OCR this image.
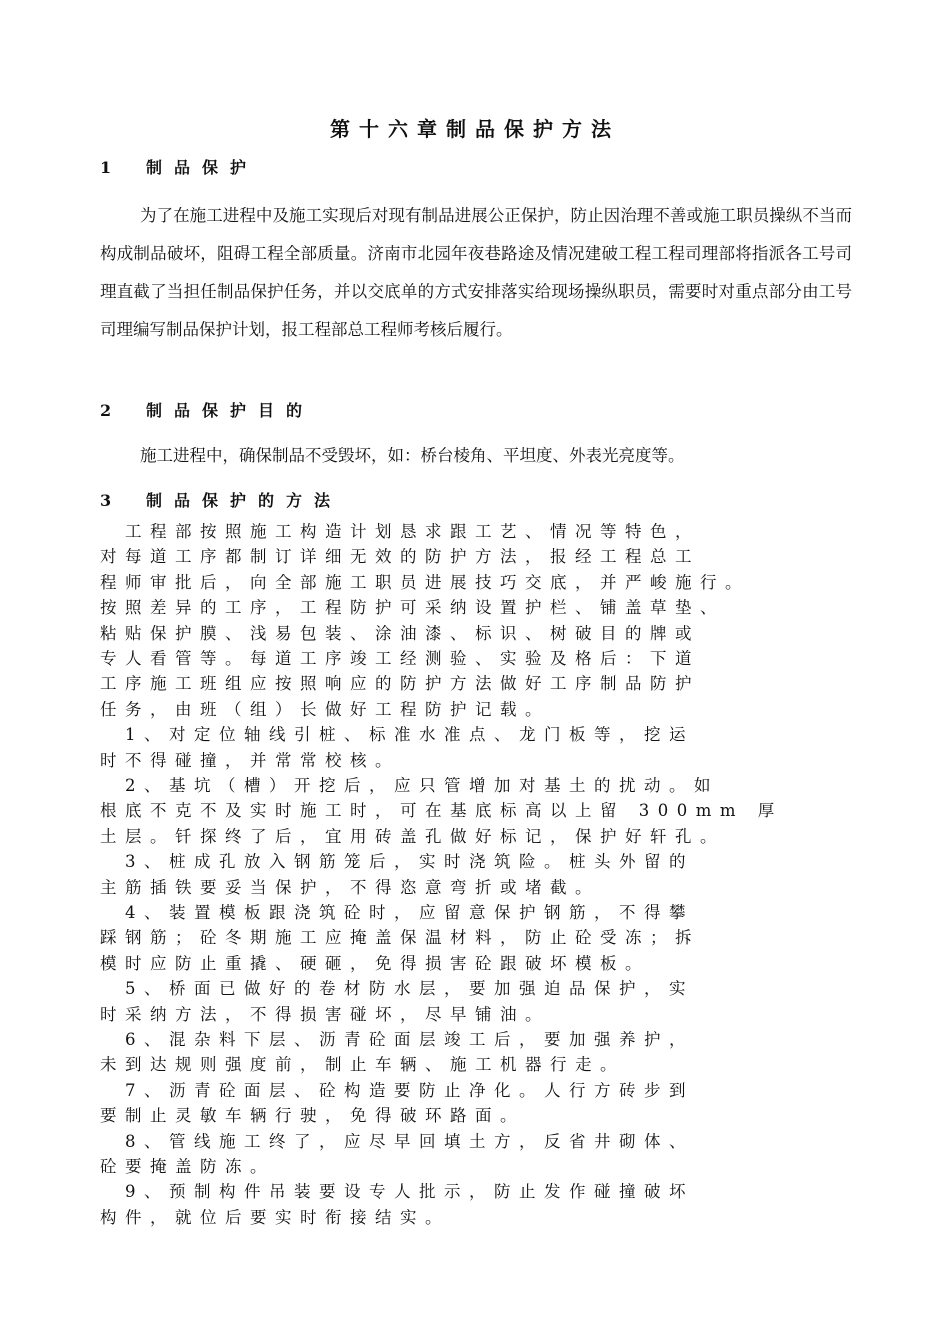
第十六章制品保护方法
1 制品保护
为了在施工进程中及施工实现后对现有制品进展公正保护，防止因治理不善或施工职员操纵不当而构成制品破坏，阻碍工程全部质量。济南市北园年夜巷路途及情况建破工程工程司理部将指派各工号司理直截了当担任制品保护任务，并以交底单的方式安排落实给现场操纵职员，需要时对重点部分由工号司理编写制品保护计划，报工程部总工程师考核后履行。
2 制品保护目的
施工进程中，确保制品不受毁坏，如：桥台棱角、平坦度、外表光亮度等。
3 制品保护的方法
　工程部按照施工构造计划恳求跟工艺、情况等特色，
对每道工序都制订详细无效的防护方法，报经工程总工
程师审批后，向全部施工职员进展技巧交底，并严峻施行。
按照差异的工序，工程防护可采纳设置护栏、铺盖草垫、
粘贴保护膜、浅易包装、涂油漆、标识、树破目的牌或
专人看管等。每道工序竣工经测验、实验及格后：下道
工序施工班组应按照响应的防护方法做好工序制品防护
任务，由班（组）长做好工程防护记载。
　1、对定位轴线引桩、标准水准点、龙门板等，挖运
时不得碰撞，并常常校核。
　2、基坑（槽）开挖后，应只管增加对基土的扰动。如
根底不克不及实时施工时，可在基底标高以上留 300mm 厚
土层。钎探终了后，宜用砖盖孔做好标记，保护好轩孔。
　3、桩成孔放入钢筋笼后，实时浇筑险。桩头外留的
主筋插铁要妥当保护，不得恣意弯折或堵截。
　4、装置模板跟浇筑砼时，应留意保护钢筋，不得攀
踩钢筋；砼冬期施工应掩盖保温材料，防止砼受冻；拆
模时应防止重撬、硬砸，免得损害砼跟破坏模板。
　5、桥面已做好的卷材防水层，要加强迫品保护，实
时采纳方法，不得损害碰坏，尽早铺油。
　6、混杂料下层、沥青砼面层竣工后，要加强养护，
未到达规则强度前，制止车辆、施工机器行走。
　7、沥青砼面层、砼构造要防止净化。人行方砖步到
要制止灵敏车辆行驶，免得破环路面。
　8、管线施工终了，应尽早回填土方，反省井砌体、
砼要掩盖防冻。
　9、预制构件吊装要设专人批示，防止发作碰撞破坏
构件，就位后要实时衔接结实。
